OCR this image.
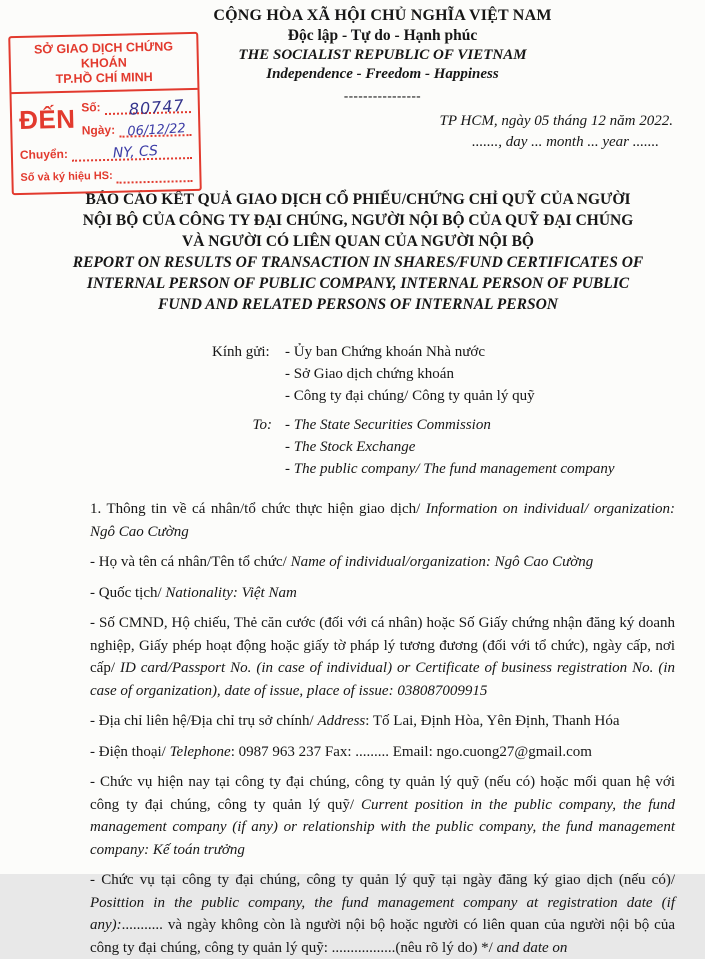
CỘNG HÒA XÃ HỘI CHỦ NGHĨA VIỆT NAM
Độc lập - Tự do - Hạnh phúc
THE SOCIALIST REPUBLIC OF VIETNAM
Independence - Freedom - Happiness
----------------
SỞ GIAO DỊCH CHỨNG KHOÁN
TP.HỒ CHÍ MINH
ĐẾN Số: 80747
Ngày: 06/12/22
Chuyển:	NY, CS
Số và ký hiệu HS:
TP HCM, ngày 05 tháng 12 năm 2022.
......., day ... month ... year .......
BÁO CÁO KẾT QUẢ GIAO DỊCH CỔ PHIẾU/CHỨNG CHỈ QUỸ CỦA NGƯỜI
NỘI BỘ CỦA CÔNG TY ĐẠI CHÚNG, NGƯỜI NỘI BỘ CỦA QUỸ ĐẠI CHÚNG
VÀ NGƯỜI CÓ LIÊN QUAN CỦA NGƯỜI NỘI BỘ
REPORT ON RESULTS OF TRANSACTION IN SHARES/FUND CERTIFICATES OF
INTERNAL PERSON OF PUBLIC COMPANY, INTERNAL PERSON OF PUBLIC
FUND AND RELATED PERSONS OF INTERNAL PERSON
Kính gửi: - Ủy ban Chứng khoán Nhà nước
- Sở Giao dịch chứng khoán
- Công ty đại chúng/ Công ty quản lý quỹ
To: - The State Securities Commission
- The Stock Exchange
- The public company/ The fund management company

1. Thông tin về cá nhân/tổ chức thực hiện giao dịch/ Information on individual/ organization: Ngô Cao Cường

- Họ và tên cá nhân/Tên tổ chức/ Name of individual/organization: Ngô Cao Cường

- Quốc tịch/ Nationality: Việt Nam

- Số CMND, Hộ chiếu, Thẻ căn cước (đối với cá nhân) hoặc Số Giấy chứng nhận đăng ký doanh nghiệp, Giấy phép hoạt động hoặc giấy tờ pháp lý tương đương (đối với tổ chức), ngày cấp, nơi cấp/ ID card/Passport No. (in case of individual) or Certificate of business registration No. (in case of organization), date of issue, place of issue: 038087009915

- Địa chỉ liên hệ/Địa chỉ trụ sở chính/ Address: Tố Lai, Định Hòa, Yên Định, Thanh Hóa

- Điện thoại/ Telephone: 0987 963 237 Fax: ......... Email: ngo.cuong27@gmail.com

- Chức vụ hiện nay tại công ty đại chúng, công ty quản lý quỹ (nếu có) hoặc mối quan hệ với công ty đại chúng, công ty quản lý quỹ/ Current position in the public company, the fund management company (if any) or relationship with the public company, the fund management company: Kế toán trưởng

- Chức vụ tại công ty đại chúng, công ty quản lý quỹ tại ngày đăng ký giao dịch (nếu có)/ Posittion in the public company, the fund management company at registration date (if any):........... và ngày không còn là người nội bộ hoặc người có liên quan của người nội bộ của công ty đại chúng, công ty quản lý quỹ: .................(nêu rõ lý do) */ and date on
